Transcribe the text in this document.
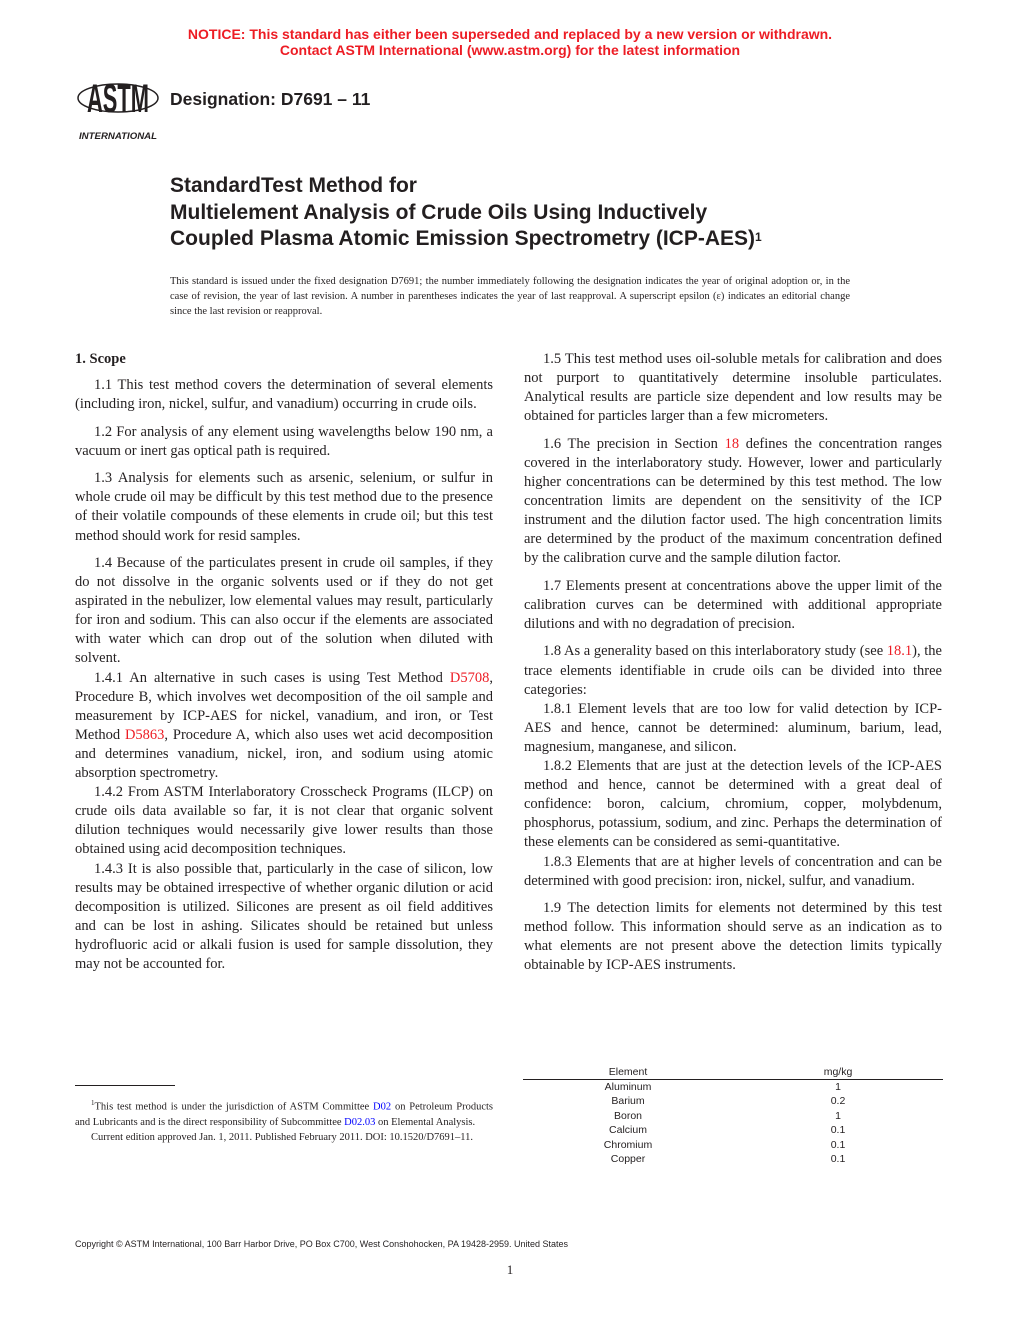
NOTICE: This standard has either been superseded and replaced by a new version or withdrawn.
Contact ASTM International (www.astm.org) for the latest information
ASTM
INTERNATIONAL
Designation: D7691 – 11
StandardTest Method for
Multielement Analysis of Crude Oils Using Inductively
Coupled Plasma Atomic Emission Spectrometry $(ICP-AES)^1$
This standard is issued under the fixed designation D7691; the number immediately following the designation indicates the year of original adoption or, in the case of revision, the year of last revision. A number in parentheses indicates the year of last reapproval. A superscript epsilon (ε) indicates an editorial change since the last revision or reapproval.
1. Scope

1.1 This test method covers the determination of several elements (including iron, nickel, sulfur, and vanadium) occurring in crude oils.

1.2 For analysis of any element using wavelengths below 190 nm, a vacuum or inert gas optical path is required.

1.3 Analysis for elements such as arsenic, selenium, or sulfur in whole crude oil may be difficult by this test method due to the presence of their volatile compounds of these elements in crude oil; but this test method should work for resid samples.

1.4 Because of the particulates present in crude oil samples, if they do not dissolve in the organic solvents used or if they do not get aspirated in the nebulizer, low elemental values may result, particularly for iron and sodium. This can also occur if the elements are associated with water which can drop out of the solution when diluted with solvent.

1.4.1 An alternative in such cases is using Test Method D5708, Procedure B, which involves wet decomposition of the oil sample and measurement by ICP-AES for nickel, vanadium, and iron, or Test Method D5863, Procedure A, which also uses wet acid decomposition and determines vanadium, nickel, iron, and sodium using atomic absorption spectrometry.

1.4.2 From ASTM Interlaboratory Crosscheck Programs (ILCP) on crude oils data available so far, it is not clear that organic solvent dilution techniques would necessarily give lower results than those obtained using acid decomposition techniques.

1.4.3 It is also possible that, particularly in the case of silicon, low results may be obtained irrespective of whether organic dilution or acid decomposition is utilized. Silicones are present as oil field additives and can be lost in ashing. Silicates should be retained but unless hydrofluoric acid or alkali fusion is used for sample dissolution, they may not be accounted for.

1.5 This test method uses oil-soluble metals for calibration and does not purport to quantitatively determine insoluble particulates. Analytical results are particle size dependent and low results may be obtained for particles larger than a few micrometers.

1.6 The precision in Section 18 defines the concentration ranges covered in the interlaboratory study. However, lower and particularly higher concentrations can be determined by this test method. The low concentration limits are dependent on the sensitivity of the ICP instrument and the dilution factor used. The high concentration limits are determined by the product of the maximum concentration defined by the calibration curve and the sample dilution factor.

1.7 Elements present at concentrations above the upper limit of the calibration curves can be determined with additional appropriate dilutions and with no degradation of precision.

1.8 As a generality based on this interlaboratory study (see 18.1), the trace elements identifiable in crude oils can be divided into three categories:

1.8.1 Element levels that are too low for valid detection by ICP-AES and hence, cannot be determined: aluminum, barium, lead, magnesium, manganese, and silicon.

1.8.2 Elements that are just at the detection levels of the ICP-AES method and hence, cannot be determined with a great deal of confidence: boron, calcium, chromium, copper, molybdenum, phosphorus, potassium, sodium, and zinc. Perhaps the determination of these elements can be considered as semi-quantitative.

1.8.3 Elements that are at higher levels of concentration and can be determined with good precision: iron, nickel, sulfur, and vanadium.

1.9 The detection limits for elements not determined by this test method follow. This information should serve as an indication as to what elements are not present above the detection limits typically obtainable by ICP-AES instruments.

Element	mg/kg
Aluminum	1
Barium	0.2
Boron	1
Calcium	0.1
Chromium	0.1
Copper	0.1

$^1$This test method is under the jurisdiction of ASTM Committee D02 on Petroleum Products and Lubricants and is the direct responsibility of Subcommittee D02.03 on Elemental Analysis.

Current edition approved Jan. 1, 2011. Published February 2011. DOI: 10.1520/D7691–11.

Copyright © ASTM International, 100 Barr Harbor Drive, PO Box C700, West Conshohocken, PA 19428-2959. United States
1
